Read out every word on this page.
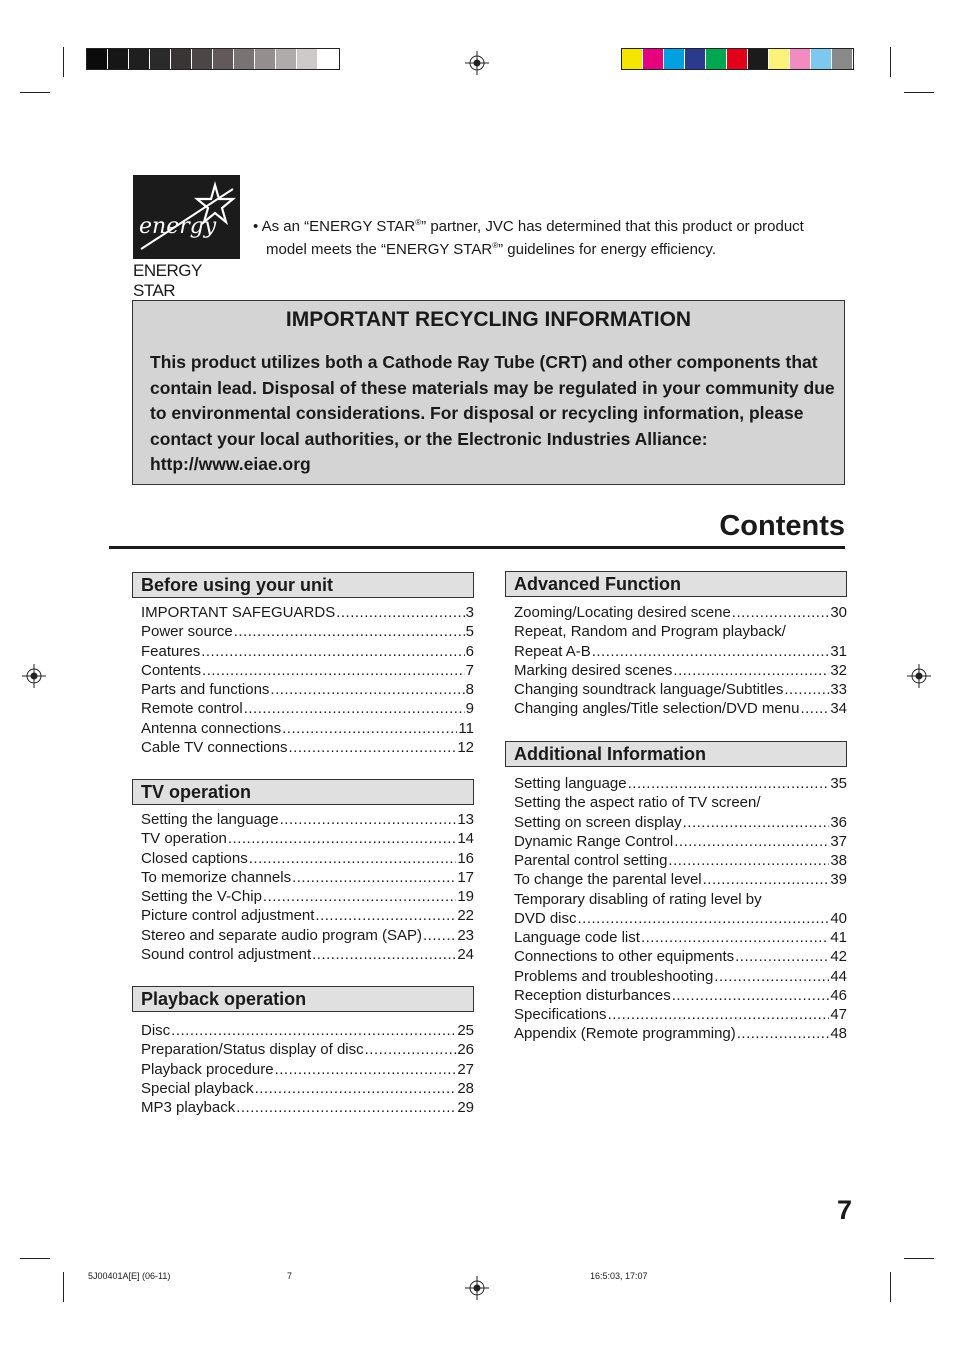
energy
ENERGY STAR
• As an “ENERGY STAR®” partner, JVC has determined that this product or product
model meets the “ENERGY STAR®” guidelines for energy efficiency.
IMPORTANT RECYCLING INFORMATION

This product utilizes both a Cathode Ray Tube (CRT) and other components that contain lead. Disposal of these materials may be regulated in your community due to environmental considerations. For disposal or recycling information, please contact your local authorities, or the Electronic Industries Alliance: http://www.eiae.org

Contents
Before using your unit
IMPORTANT SAFEGUARDS .....	3
Power source .....	5
Features .....	6
Contents .....	7
Parts and functions .....	8
Remote control .....	9
Antenna connections .....	11
Cable TV connections .....	12
TV operation
Setting the language .....	13
TV operation .....	14
Closed captions .....	16
To memorize channels .....	17
Setting the V-Chip .....	19
Picture control adjustment .....	22
Stereo and separate audio program (SAP) ..... 23
Sound control adjustment .....	24
Playback operation
Disc .....	25
Preparation/Status display of disc .....	26
Playback procedure .....	27
Special playback .....	28
MP3 playback .....	29
Advanced Function
Zooming/Locating desired scene .....	30
Repeat, Random and Program playback/
Repeat A-B .....	31
Marking desired scenes .....	32
Changing soundtrack language/Subtitles .....	33
Changing angles/Title selection/DVD menu ..... 34
Additional Information
Setting language .....	35
Setting the aspect ratio of TV screen/
Setting on screen display .....	36
Dynamic Range Control .....	37
Parental control setting .....	38
To change the parental level .....	39
Temporary disabling of rating level by
DVD disc .....	40
Language code list .....	41
Connections to other equipments .....	42
Problems and troubleshooting .....	44
Reception disturbances .....	46
Specifications .....	47
Appendix (Remote programming) .....	48
7
5J00401A[E] (06-11)	7	16:5:03, 17:07
